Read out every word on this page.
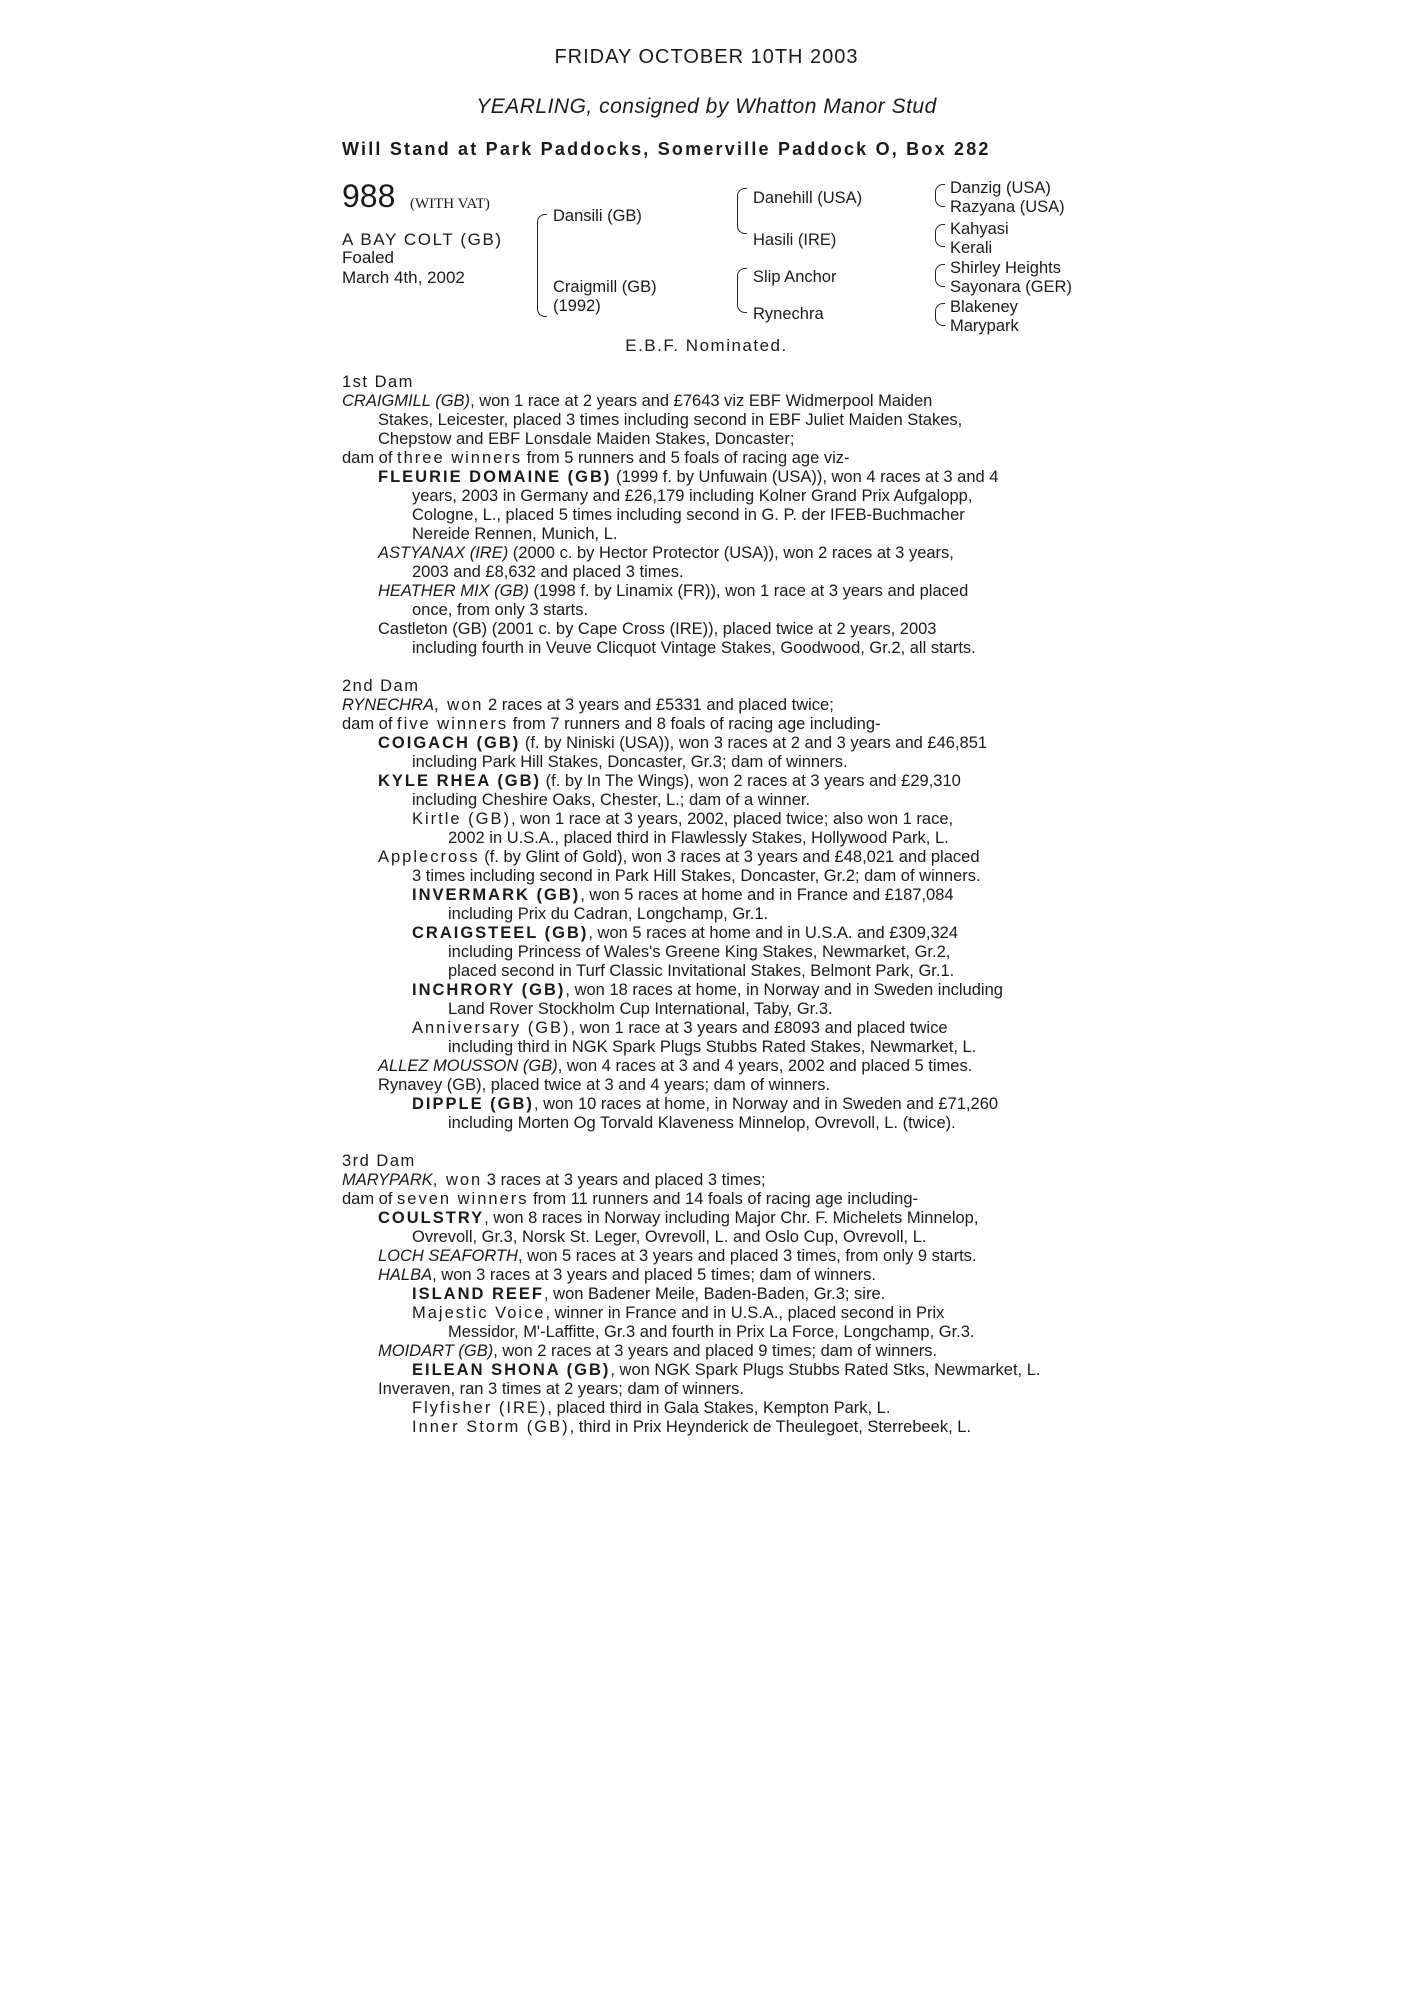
FRIDAY OCTOBER 10TH 2003
YEARLING, consigned by Whatton Manor Stud
Will Stand at Park Paddocks, Somerville Paddock O, Box 282
988 (WITH VAT)
A BAY COLT (GB)
Foaled
March 4th, 2002
Dansili (GB)
Craigmill (GB)
(1992)
Danehill (USA)
Hasili (IRE)
Slip Anchor
Rynechra
Danzig (USA)
Razyana (USA)
Kahyasi
Kerali
Shirley Heights
Sayonara (GER)
Blakeney
Marypark
E.B.F. Nominated.
1st Dam
CRAIGMILL (GB), won 1 race at 2 years and £7643 viz EBF Widmerpool Maiden
Stakes, Leicester, placed 3 times including second in EBF Juliet Maiden Stakes,
Chepstow and EBF Lonsdale Maiden Stakes, Doncaster;
dam of three winners from 5 runners and 5 foals of racing age viz-
FLEURIE DOMAINE (GB) (1999 f. by Unfuwain (USA)), won 4 races at 3 and 4
years, 2003 in Germany and £26,179 including Kolner Grand Prix Aufgalopp,
Cologne, L., placed 5 times including second in G. P. der IFEB-Buchmacher
Nereide Rennen, Munich, L.
ASTYANAX (IRE) (2000 c. by Hector Protector (USA)), won 2 races at 3 years,
2003 and £8,632 and placed 3 times.
HEATHER MIX (GB) (1998 f. by Linamix (FR)), won 1 race at 3 years and placed
once, from only 3 starts.
Castleton (GB) (2001 c. by Cape Cross (IRE)), placed twice at 2 years, 2003
including fourth in Veuve Clicquot Vintage Stakes, Goodwood, Gr.2, all starts.
2nd Dam
RYNECHRA, won 2 races at 3 years and £5331 and placed twice;
dam of five winners from 7 runners and 8 foals of racing age including-
COIGACH (GB) (f. by Niniski (USA)), won 3 races at 2 and 3 years and £46,851
including Park Hill Stakes, Doncaster, Gr.3; dam of winners.
KYLE RHEA (GB) (f. by In The Wings), won 2 races at 3 years and £29,310
including Cheshire Oaks, Chester, L.; dam of a winner.
Kirtle (GB), won 1 race at 3 years, 2002, placed twice; also won 1 race,
2002 in U.S.A., placed third in Flawlessly Stakes, Hollywood Park, L.
Applecross (f. by Glint of Gold), won 3 races at 3 years and £48,021 and placed
3 times including second in Park Hill Stakes, Doncaster, Gr.2; dam of winners.
INVERMARK (GB), won 5 races at home and in France and £187,084
including Prix du Cadran, Longchamp, Gr.1.
CRAIGSTEEL (GB), won 5 races at home and in U.S.A. and £309,324
including Princess of Wales's Greene King Stakes, Newmarket, Gr.2,
placed second in Turf Classic Invitational Stakes, Belmont Park, Gr.1.
INCHRORY (GB), won 18 races at home, in Norway and in Sweden including
Land Rover Stockholm Cup International, Taby, Gr.3.
Anniversary (GB), won 1 race at 3 years and £8093 and placed twice
including third in NGK Spark Plugs Stubbs Rated Stakes, Newmarket, L.
ALLEZ MOUSSON (GB), won 4 races at 3 and 4 years, 2002 and placed 5 times.
Rynavey (GB), placed twice at 3 and 4 years; dam of winners.
DIPPLE (GB), won 10 races at home, in Norway and in Sweden and £71,260
including Morten Og Torvald Klaveness Minnelop, Ovrevoll, L. (twice).
3rd Dam
MARYPARK, won 3 races at 3 years and placed 3 times;
dam of seven winners from 11 runners and 14 foals of racing age including-
COULSTRY, won 8 races in Norway including Major Chr. F. Michelets Minnelop,
Ovrevoll, Gr.3, Norsk St. Leger, Ovrevoll, L. and Oslo Cup, Ovrevoll, L.
LOCH SEAFORTH, won 5 races at 3 years and placed 3 times, from only 9 starts.
HALBA, won 3 races at 3 years and placed 5 times; dam of winners.
ISLAND REEF, won Badener Meile, Baden-Baden, Gr.3; sire.
Majestic Voice, winner in France and in U.S.A., placed second in Prix
Messidor, M'-Laffitte, Gr.3 and fourth in Prix La Force, Longchamp, Gr.3.
MOIDART (GB), won 2 races at 3 years and placed 9 times; dam of winners.
EILEAN SHONA (GB), won NGK Spark Plugs Stubbs Rated Stks, Newmarket, L.
Inveraven, ran 3 times at 2 years; dam of winners.
Flyfisher (IRE), placed third in Gala Stakes, Kempton Park, L.
Inner Storm (GB), third in Prix Heynderick de Theulegoet, Sterrebeek, L.
